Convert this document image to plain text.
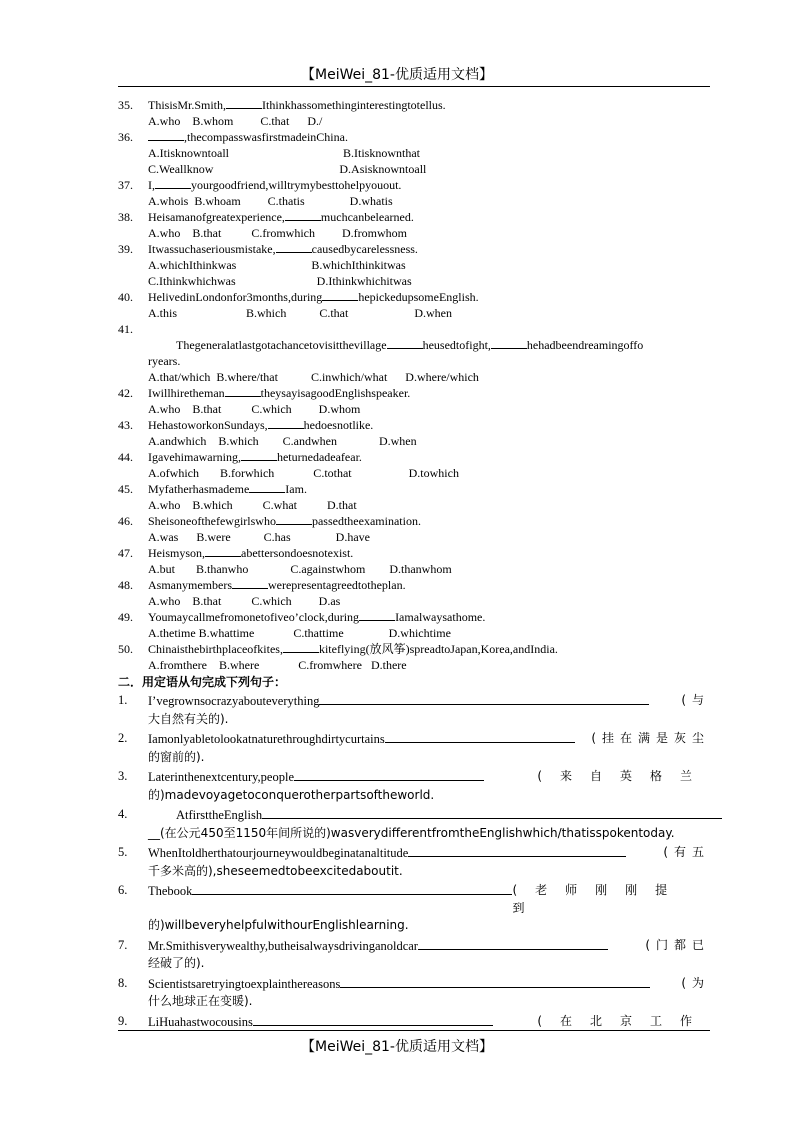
【MeiWei_81-优质适用文档】
35.	ThisisMr.Smith,	Ithinkhassomethinginterestingtotellus.
A.who    B.whom         C.that      D./
36.	,thecompasswasfirstmadeinChina.
A.Itisknowntoall                                      B.Itisknownthat
C.Weallknow                                          D.Asisknowntoall
37.	I,	yourgoodfriend,willtrymybesttohelpyouout.
A.whois  B.whoam         C.thatis               D.whatis
38.	Heisamanofgreatexperience,	muchcanbelearned.
A.who    B.that          C.fromwhich         D.fromwhom
39.	Itwassuchaseriousmistake,	causedbycarelessness.
A.whichIthinkwas                         B.whichIthinkitwas
C.Ithinkwhichwas                           D.Ithinkwhichitwas
40.	HelivedinLondonfor3months,during	hepickedupsomeEnglish.
A.this                       B.which           C.that                      D.when
41.
Thegeneralatlastgotachancetovisitthevillage	heusedtofight,	hehadbeendreamingoffo
ryears.
A.that/which  B.where/that           C.inwhich/what      D.where/which
42.	Iwillhiretheman	theysayisagoodEnglishspeaker.
A.who    B.that          C.which         D.whom
43.	HehastoworkonSundays,	hedoesnotlike.
A.andwhich    B.which        C.andwhen              D.when
44.	Igavehimawarning,	heturnedadeafear.
A.ofwhich       B.forwhich             C.tothat                   D.towhich
45.	Myfatherhasmademe	Iam.
A.who    B.which          C.what          D.that
46.	Sheisoneofthefewgirlswho	passedtheexamination.
A.was      B.were           C.has               D.have
47.	Heismyson,	abettersondoesnotexist.
A.but       B.thanwho              C.againstwhom        D.thanwhom
48.	Asmanymembers	werepresentagreedtotheplan.
A.who    B.that          C.which         D.as
49.	Youmaycallmefromonetofiveo’clock,during	Iamalwaysathome.
A.thetime B.whattime             C.thattime               D.whichtime
50.	Chinaisthebirthplaceofkites,	kiteflying(放风筝)spreadtoJapan,Korea,andIndia.
A.fromthere    B.where             C.fromwhere   D.there
二．用定语从句完成下列句子：
1.	I’vegrownsocrazyabouteverything	(与
大自然有关的).
2.	Iamonlyabletolookatnaturethroughdirtycurtains	(挂在满是灰尘
的窗前的).
3.	Laterinthenextcentury,people	(来自英格兰
的)madevoyagetoconquerotherpartsoftheworld.
4.	AtfirsttheEnglish
__(在公元450至1150年间所说的)wasverydifferentfromtheEnglishwhich/thatisspokentoday.
5.	WhenItoldherthatourjourneywouldbeginatanaltitude	(有五
千多米高的),sheseemedtobeexcitedaboutit.
6.	Thebook	(老师刚刚提到
的)willbeveryhelpfulwithourEnglishlearning.
7.	Mr.Smithisverywealthy,butheisalwaysdrivinganoldcar	(门都已
经破了的).
8.	Scientistsaretryingtoexplainthereasons	(为
什么地球正在变暖).
9.	LiHuahastwocousins	(在北京工作
【MeiWei_81-优质适用文档】
